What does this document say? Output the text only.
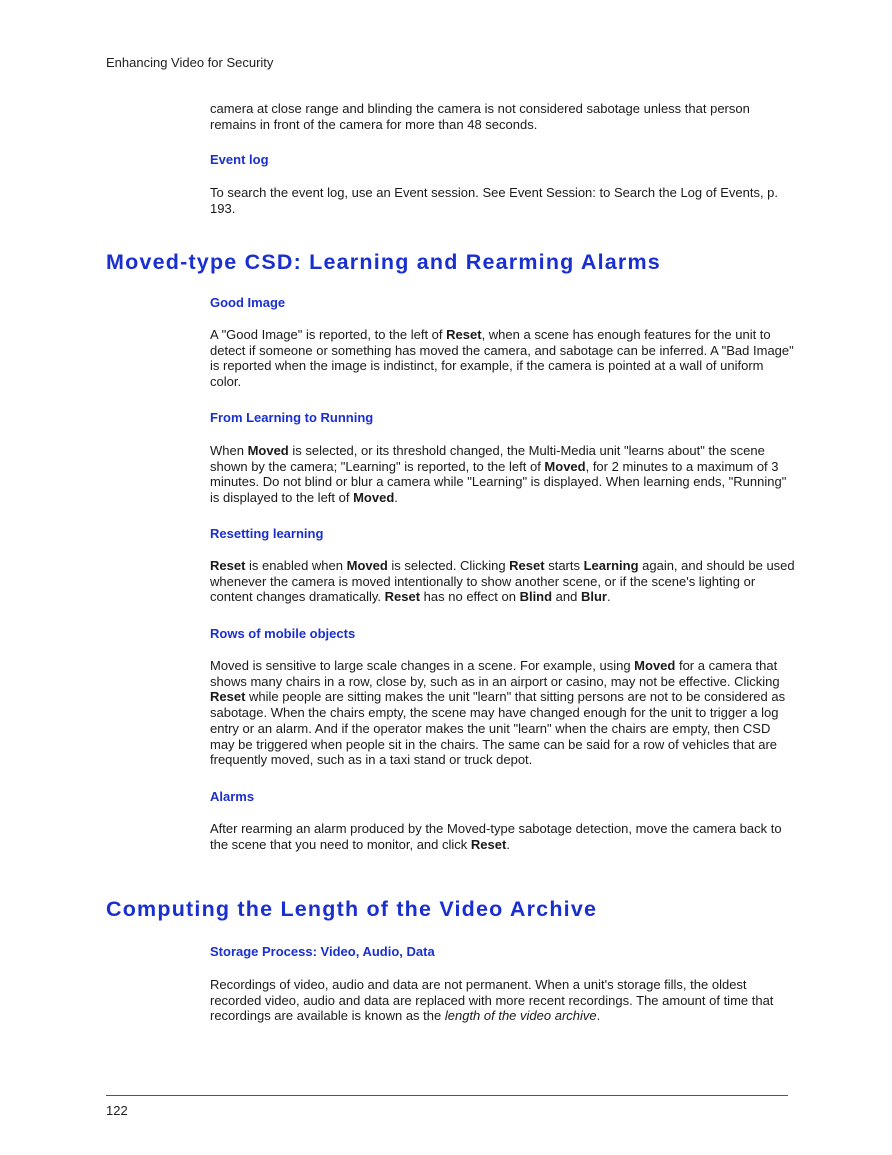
Enhancing Video for Security

camera at close range and blinding the camera is not considered sabotage unless that person remains in front of the camera for more than 48 seconds.

Event log

To search the event log, use an Event session. See Event Session: to Search the Log of Events, p. 193.

Moved-type CSD: Learning and Rearming Alarms
Good Image

A "Good Image" is reported, to the left of Reset, when a scene has enough features for the unit to detect if someone or something has moved the camera, and sabotage can be inferred. A "Bad Image" is reported when the image is indistinct, for example, if the camera is pointed at a wall of uniform color.

From Learning to Running

When Moved is selected, or its threshold changed, the Multi-Media unit "learns about" the scene shown by the camera; "Learning" is reported, to the left of Moved, for 2 minutes to a maximum of 3 minutes. Do not blind or blur a camera while "Learning" is displayed. When learning ends, "Running" is displayed to the left of Moved.

Resetting learning

Reset is enabled when Moved is selected. Clicking Reset starts Learning again, and should be used whenever the camera is moved intentionally to show another scene, or if the scene's lighting or content changes dramatically. Reset has no effect on Blind and Blur.

Rows of mobile objects

Moved is sensitive to large scale changes in a scene. For example, using Moved for a camera that shows many chairs in a row, close by, such as in an airport or casino, may not be effective. Clicking Reset while people are sitting makes the unit "learn" that sitting persons are not to be considered as sabotage. When the chairs empty, the scene may have changed enough for the unit to trigger a log entry or an alarm. And if the operator makes the unit "learn" when the chairs are empty, then CSD may be triggered when people sit in the chairs. The same can be said for a row of vehicles that are frequently moved, such as in a taxi stand or truck depot.

Alarms

After rearming an alarm produced by the Moved-type sabotage detection, move the camera back to the scene that you need to monitor, and click Reset.

Computing the Length of the Video Archive
Storage Process: Video, Audio, Data

Recordings of video, audio and data are not permanent. When a unit's storage fills, the oldest recorded video, audio and data are replaced with more recent recordings. The amount of time that recordings are available is known as the length of the video archive.

122
